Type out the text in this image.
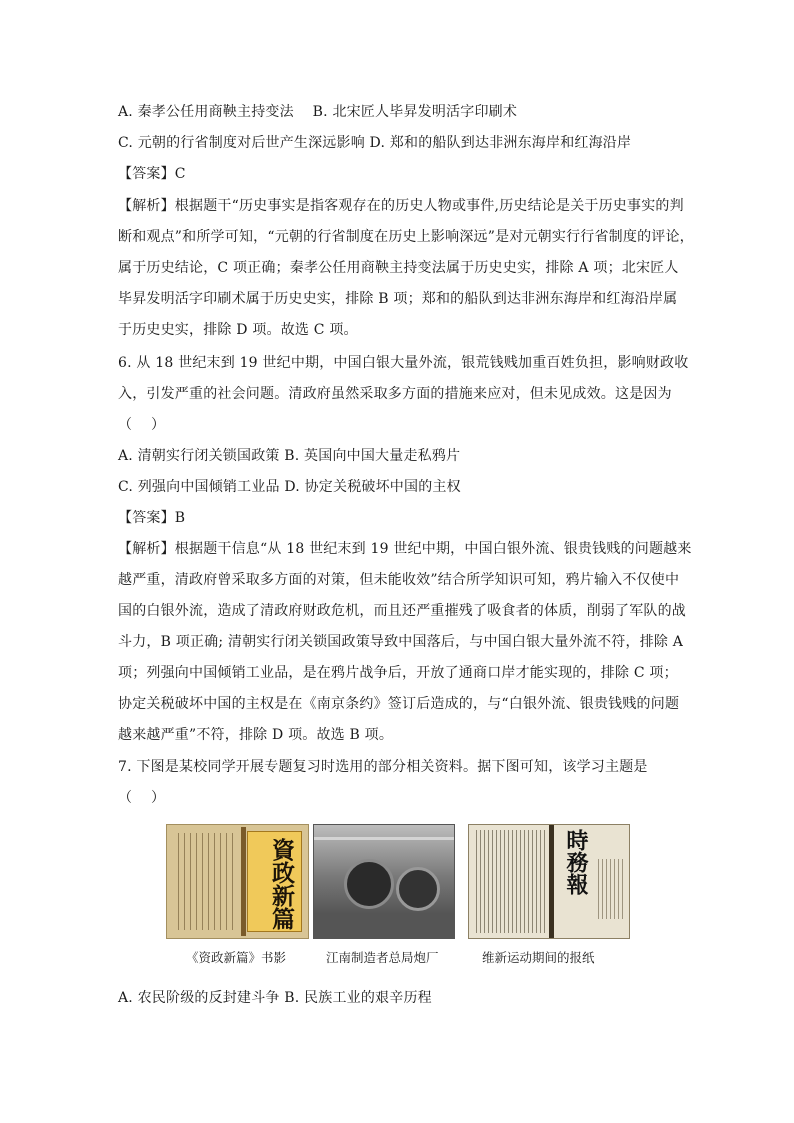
A. 秦孝公任用商鞅主持变法　 B. 北宋匠人毕昇发明活字印刷术
C. 元朝的行省制度对后世产生深远影响 D. 郑和的船队到达非洲东海岸和红海沿岸
【答案】C
【解析】根据题干“历史事实是指客观存在的历史人物或事件,历史结论是关于历史事实的判
断和观点”和所学可知，“元朝的行省制度在历史上影响深远”是对元朝实行行省制度的评论，
属于历史结论，C 项正确；秦孝公任用商鞅主持变法属于历史史实，排除 A 项；北宋匠人
毕昇发明活字印刷术属于历史史实，排除 B 项；郑和的船队到达非洲东海岸和红海沿岸属
于历史史实，排除 D 项。故选 C 项。
6. 从 18 世纪末到 19 世纪中期，中国白银大量外流，银荒钱贱加重百姓负担，影响财政收
入，引发严重的社会问题。清政府虽然采取多方面的措施来应对，但未见成效。这是因为
（　 ）
A. 清朝实行闭关锁国政策 B. 英国向中国大量走私鸦片
C. 列强向中国倾销工业品 D. 协定关税破坏中国的主权
【答案】B
【解析】根据题干信息“从 18 世纪末到 19 世纪中期，中国白银外流、银贵钱贱的问题越来
越严重，清政府曾采取多方面的对策，但未能收效”结合所学知识可知，鸦片输入不仅使中
国的白银外流，造成了清政府财政危机，而且还严重摧残了吸食者的体质，削弱了军队的战
斗力，B 项正确; 清朝实行闭关锁国政策导致中国落后，与中国白银大量外流不符，排除 A
项；列强向中国倾销工业品，是在鸦片战争后，开放了通商口岸才能实现的，排除 C 项；
协定关税破坏中国的主权是在《南京条约》签订后造成的，与“白银外流、银贵钱贱的问题
越来越严重”不符，排除 D 项。故选 B 项。
7. 下图是某校同学开展专题复习时选用的部分相关资料。据下图可知，该学习主题是
（　 ）
資政新篇
《资政新篇》书影	江南制造者总局炮厂
時務報
维新运动期间的报纸
A. 农民阶级的反封建斗争 B. 民族工业的艰辛历程
